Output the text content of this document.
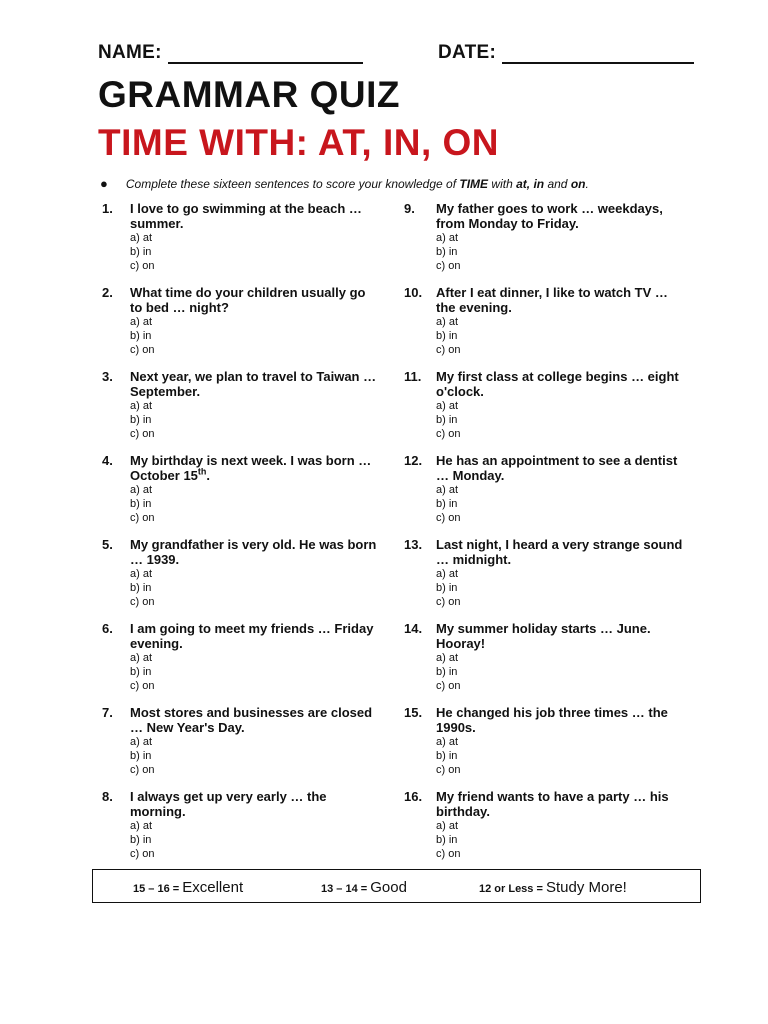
NAME:	DATE:
GRAMMAR QUIZ
TIME WITH: AT, IN, ON
● Complete these sixteen sentences to score your knowledge of TIME with at, in and on.
1. I love to go swimming at the beach … summer.
a) at
b) in
c) on
2. What time do your children usually go to bed … night?
a) at
b) in
c) on
3. Next year, we plan to travel to Taiwan … September.
a) at
b) in
c) on
4. My birthday is next week. I was born … October 15th.
a) at
b) in
c) on
5. My grandfather is very old. He was born … 1939.
a) at
b) in
c) on
6. I am going to meet my friends … Friday evening.
a) at
b) in
c) on
7. Most stores and businesses are closed … New Year's Day.
a) at
b) in
c) on
8. I always get up very early … the morning.
a) at
b) in
c) on
9. My father goes to work … weekdays, from Monday to Friday.
a) at
b) in
c) on
10. After I eat dinner, I like to watch TV … the evening.
a) at
b) in
c) on
11. My first class at college begins … eight o'clock.
a) at
b) in
c) on
12. He has an appointment to see a dentist … Monday.
a) at
b) in
c) on
13. Last night, I heard a very strange sound … midnight.
a) at
b) in
c) on
14. My summer holiday starts … June. Hooray!
a) at
b) in
c) on
15. He changed his job three times … the 1990s.
a) at
b) in
c) on
16. My friend wants to have a party … his birthday.
a) at
b) in
c) on
15 – 16 = Excellent	13 – 14 = Good	12 or Less = Study More!
